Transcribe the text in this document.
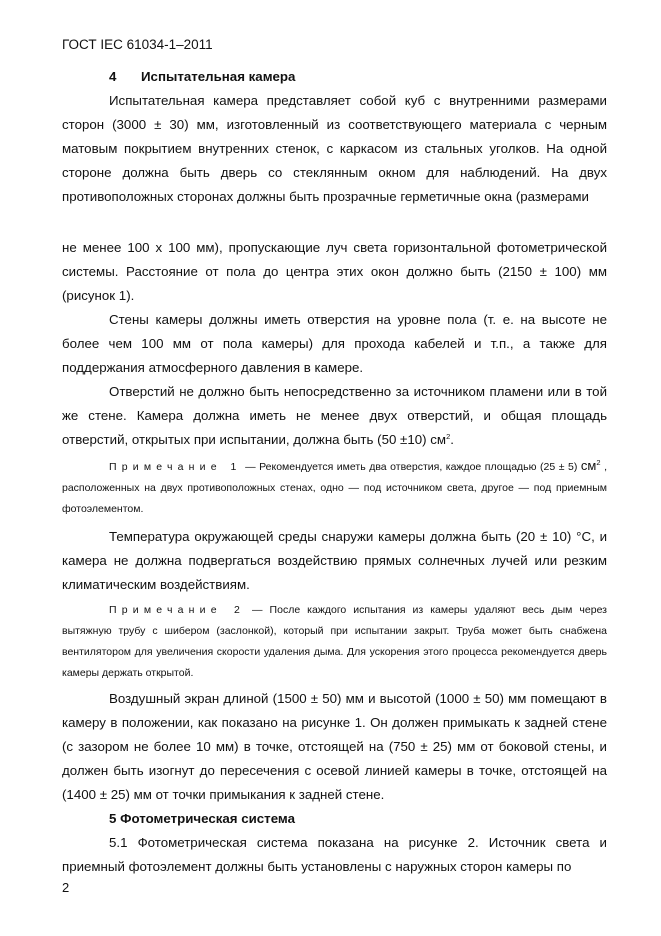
ГОСТ IEC 61034-1–2011

4 Испытательная камера

Испытательная камера представляет собой куб с внутренними размерами сторон (3000 ± 30) мм, изготовленный из соответствующего материала с черным матовым покрытием внутренних стенок, с каркасом из стальных уголков. На одной стороне должна быть дверь со стеклянным окном для наблюдений. На двух противоположных сторонах должны быть прозрачные герметичные окна (размерами

не менее 100 х 100 мм), пропускающие луч света горизонтальной фотометрической системы. Расстояние от пола до центра этих окон должно быть (2150 ± 100) мм (рисунок 1).

Стены камеры должны иметь отверстия на уровне пола (т. е. на высоте не более чем 100 мм от пола камеры) для прохода кабелей и т.п., а также для поддержания атмосферного давления в камере.

Отверстий не должно быть непосредственно за источником пламени или в той же стене. Камера должна иметь не менее двух отверстий, и общая площадь отверстий, открытых при испытании, должна быть (50 ±10) $см^2$.

Примечание 1 — Рекомендуется иметь два отверстия, каждое площадью (25 ± 5) $см^2$ , расположенных на двух противоположных стенах, одно — под источником света, другое — под приемным фотоэлементом.

Температура окружающей среды снаружи камеры должна быть (20 ± 10) °С, и камера не должна подвергаться воздействию прямых солнечных лучей или резким климатическим воздействиям.

Примечание 2 — После каждого испытания из камеры удаляют весь дым через вытяжную трубу с шибером (заслонкой), который при испытании закрыт. Труба может быть снабжена вентилятором для увеличения скорости удаления дыма. Для ускорения этого процесса рекомендуется дверь камеры держать открытой.

Воздушный экран длиной (1500 ± 50) мм и высотой (1000 ± 50) мм помещают в камеру в положении, как показано на рисунке 1. Он должен примыкать к задней стене (с зазором не более 10 мм) в точке, отстоящей на (750 ± 25) мм от боковой стены, и должен быть изогнут до пересечения с осевой линией камеры в точке, отстоящей на (1400 ± 25) мм от точки примыкания к задней стене.

5 Фотометрическая система

5.1 Фотометрическая система показана на рисунке 2. Источник света и приемный фотоэлемент должны быть установлены с наружных сторон камеры по

2
